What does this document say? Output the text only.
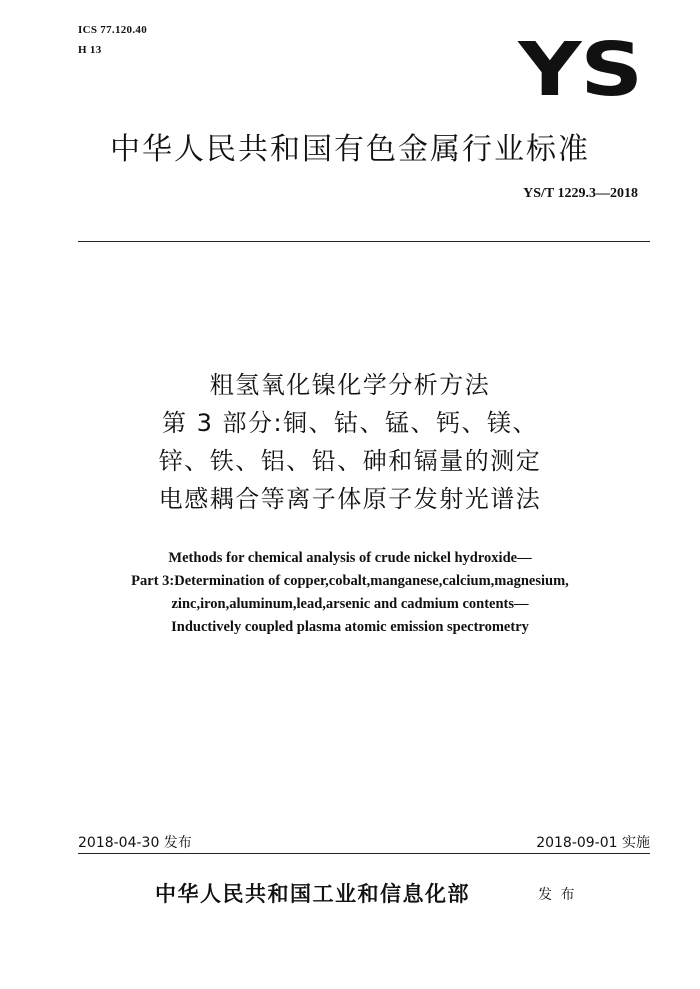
ICS 77.120.40
H 13	YS
中华人民共和国有色金属行业标准
YS/T 1229.3—2018
粗氢氧化镍化学分析方法
第 3 部分:铜、钴、锰、钙、镁、
锌、铁、铝、铅、砷和镉量的测定
电感耦合等离子体原子发射光谱法
Methods for chemical analysis of crude nickel hydroxide—
Part 3:Determination of copper,cobalt,manganese,calcium,magnesium,
zinc,iron,aluminum,lead,arsenic and cadmium contents—
Inductively coupled plasma atomic emission spectrometry
2018-04-30 发布	2018-09-01 实施
中华人民共和国工业和信息化部	发 布
